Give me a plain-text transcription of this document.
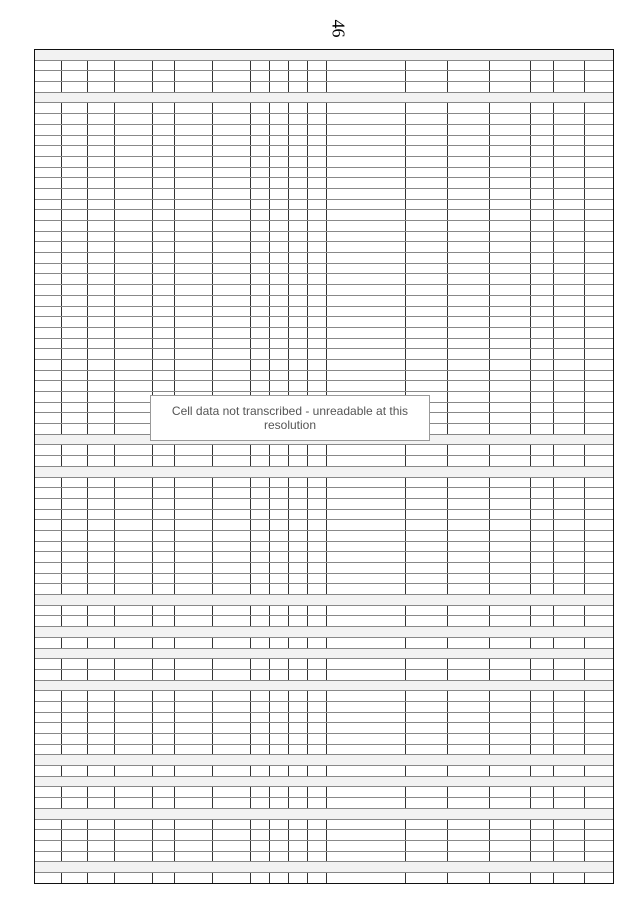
46
Cell data not transcribed - unreadable at this resolution
